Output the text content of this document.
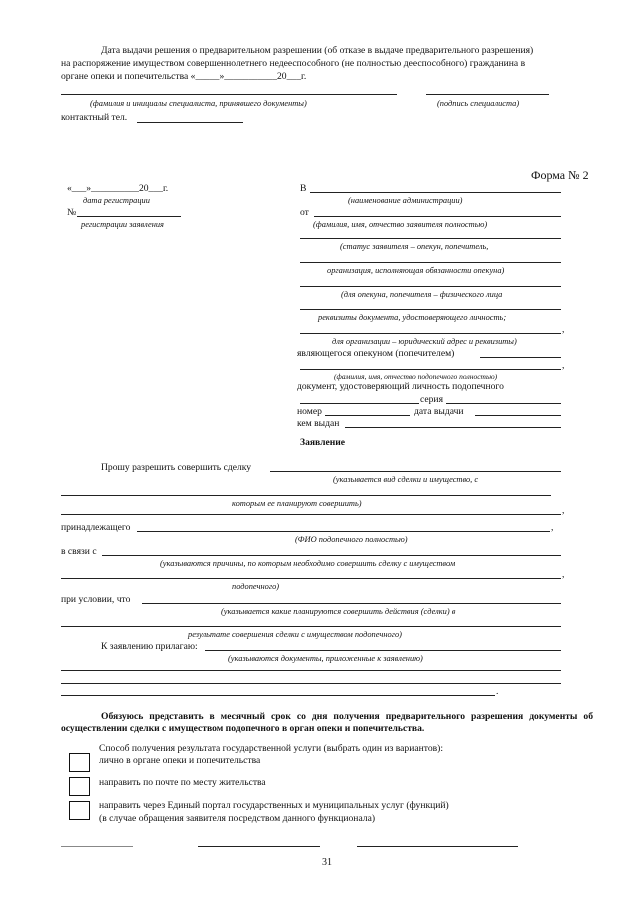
Дата выдачи решения о предварительном разрешении (об отказе в выдаче предварительного разрешения)
на распоряжение имуществом совершеннолетнего недееспособного (не полностью дееспособного) гражданина в
органе опеки и попечительства «_____»___________20___г.
(фамилия и инициалы специалиста, принявшего документы)	(подпись специалиста)
контактный тел.
Форма № 2
«___»__________20___г.
дата регистрации
№
регистрации заявления
В
(наименование администрации)
от
(фамилия, имя, отчество заявителя полностью)
(статус заявителя – опекун, попечитель,
организация, исполняющая обязанности опекуна)
(для опекуна, попечителя – физического лица
реквизиты документа, удостоверяющего личность;
,
для организации – юридический адрес и реквизиты)
являющегося опекуном (попечителем)
,
(фамилия, имя, отчество подопечного полностью)
документ, удостоверяющий личность подопечного
серия
номер	дата выдачи
кем выдан
Заявление
Прошу разрешить совершить сделку
(указывается вид сделки и имущество, с
которым ее планируют совершить)
,
принадлежащего	,
(ФИО подопечного полностью)
в связи с
(указываются причины, по которым необходимо совершить сделку с имуществом
,
подопечного)
при условии, что
(указывается какие планируются совершить действия (сделки) в
результате совершения сделки с имуществом подопечного)
К заявлению прилагаю:
(указываются документы, приложенные к заявлению)
.
Обязуюсь представить в месячный срок со дня получения предварительного разрешения документы об осуществлении сделки с имуществом подопечного в орган опеки и попечительства.
Способ получения результата государственной услуги (выбрать один из вариантов):
лично в органе опеки и попечительства
направить по почте по месту жительства
направить через Единый портал государственных и муниципальных услуг (функций)
(в случае обращения заявителя посредством данного функционала)
31
